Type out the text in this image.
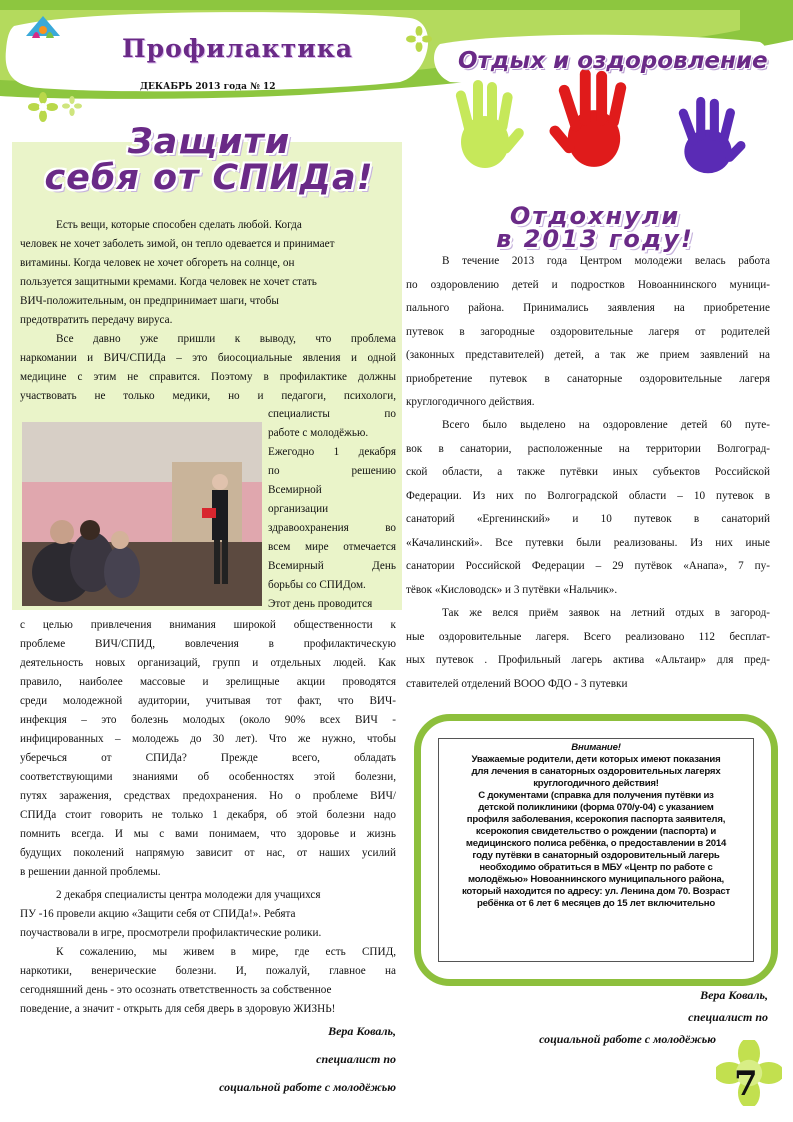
Профилактика
ДЕКАБРЬ 2013 года № 12
Отдых и оздоровление
Защити
себя от СПИДа!
Есть вещи, которые способен сделать любой. Когда
человек не хочет заболеть зимой, он тепло одевается и принимает
витамины. Когда человек не хочет обгореть на солнце, он
пользуется защитными кремами. Когда человек не хочет стать
ВИЧ-положительным, он предпринимает шаги, чтобы
предотвратить передачу вируса.
Все давно уже пришли к выводу, что проблема
наркомании и ВИЧ/СПИДа – это биосоциальные явления и одной
медицине с этим не справится. Поэтому в профилактике должны
участвовать не только медики, но и педагоги, психологи,
специалисты по
работе с молодёжью.
Ежегодно 1 декабря
по решению
Всемирной
организации
здравоохранения во
всем мире отмечается
Всемирный День
борьбы со СПИДом.
Этот день проводится
с целью привлечения внимания широкой общественности к
проблеме ВИЧ/СПИД, вовлечения в профилактическую
деятельность новых организаций, групп и отдельных людей. Как
правило, наиболее массовые и зрелищные акции проводятся
среди молодежной аудитории, учитывая тот факт, что ВИЧ-
инфекция – это болезнь молодых (около 90% всех ВИЧ -
инфицированных – молодежь до 30 лет). Что же нужно, чтобы
уберечься от СПИДа? Прежде всего, обладать
соответствующими знаниями об особенностях этой болезни,
путях заражения, средствах предохранения. Но о проблеме ВИЧ/
СПИДа стоит говорить не только 1 декабря, об этой болезни надо
помнить всегда. И мы с вами понимаем, что здоровье и жизнь
будущих поколений напрямую зависит от нас, от наших усилий
в решении данной проблемы.
2 декабря специалисты центра молодежи для учащихся
ПУ -16 провели акцию «Защити себя от СПИДа!». Ребята
поучаствовали в игре, просмотрели профилактические ролики.
К сожалению, мы живем в мире, где есть СПИД,
наркотики, венерические болезни. И, пожалуй, главное на
сегодняшний день - это осознать ответственность за собственное
поведение, а значит - открыть для себя дверь в здоровую ЖИЗНЬ!
Вера Коваль,
специалист по
социальной работе с молодёжью
Отдохнули
в 2013 году!
В течение 2013 года Центром молодежи велась работа
по оздоровлению детей и подростков Новоаннинского муници-
пального района. Принимались заявления на приобретение
путевок в загородные оздоровительные лагеря от родителей
(законных представителей) детей, а так же прием заявлений на
приобретение путевок в санаторные оздоровительные лагеря
круглогодичного действия.
Всего было выделено на оздоровление детей 60 путе-
вок в санатории, расположенные на территории Волгоград-
ской области, а также путёвки иных субъектов Российской
Федерации. Из них по Волгоградской области – 10 путевок в
санаторий «Ергенинский» и 10 путевок в санаторий
«Качалинский». Все путевки были реализованы. Из них иные
санатории Российской Федерации – 29 путёвок «Анапа», 7 пу-
тёвок «Кисловодск» и 3 путёвки «Нальчик».
Так же велся приём заявок на летний отдых в загород-
ные оздоровительные лагеря. Всего реализовано 112 бесплат-
ных путевок . Профильный лагерь актива «Альтаир» для пред-
ставителей отделений ВООО ФДО - 3 путевки
Внимание!
Уважаемые родители, дети которых имеют показания
для лечения в санаторных оздоровительных лагерях
круглогодичного действия!
С документами (справка для получения путёвки из
детской поликлиники (форма 070/у-04) с указанием
профиля заболевания, ксерокопия паспорта заявителя,
ксерокопия свидетельство о рождении (паспорта) и
медицинского полиса ребёнка, о предоставлении в 2014
году путёвки в санаторный оздоровительный лагерь
необходимо обратиться в МБУ «Центр по работе с
молодёжью» Новоаннинского муниципального района,
который находится по адресу: ул. Ленина дом 70. Возраст
ребёнка от 6 лет 6 месяцев до 15 лет включительно
Вера Коваль,
специалист по
социальной работе с молодёжью
7
